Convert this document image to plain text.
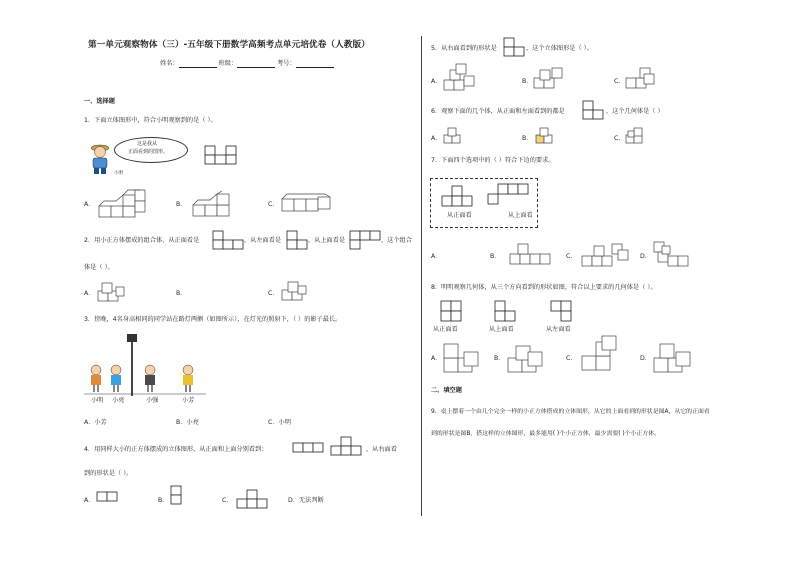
第一单元观察物体（三）-五年级下册数学高频考点单元培优卷（人教版）
姓名：	班级：	考号：
一、选择题
1．下面立体图形中，符合小明观察到的是（ ）。
小明
这是我从
正面看到的图形。
A．	B．	C．
2．用小正方体摆成的组合体，从正面看是	，从左面看是	，从上面看是	，这个组合
体是（ ）。
A．	B．	C．
3．傍晚，4名身高相同的同学站在路灯两侧（如图所示），在灯光的照射下，（ ）的影子最长。
小明 小亮	小强	小芳
A．小芳	B．小亮	C．小明
4．用同样大小的正方体摆成的立体图形，从正面和上面分别看到：	，从右面看
到的形状是（ ）。
A．	B．	C．	D．无法判断
5．从右面看到的形状是	，这个立体图形是（ ）。
A．	B．	C．
6．观察下面的几个体，从正面和左面看到的都是	，这个几何体是（ ）
A．	B．	C．
7．下面四个选项中的（ ）符合下边的要求。
从正面看	从上面看
A．	B．	C．	D．
8．明明观察几何体，从三个方向看到的形状如图，符合以上要求的几何体是（ ）。
从正面看	从上面看	从左面看
A．	B．	C．	D．
二、填空题
9．桌上摆着一个由几个完全一样的小正方体搭成的立体图形，从它的上面看到的形状是图A，从它的正面看
到的形状是图B，搭这样的立体图形，最多能用( )个小正方体，最少需要( )个小正方体。
